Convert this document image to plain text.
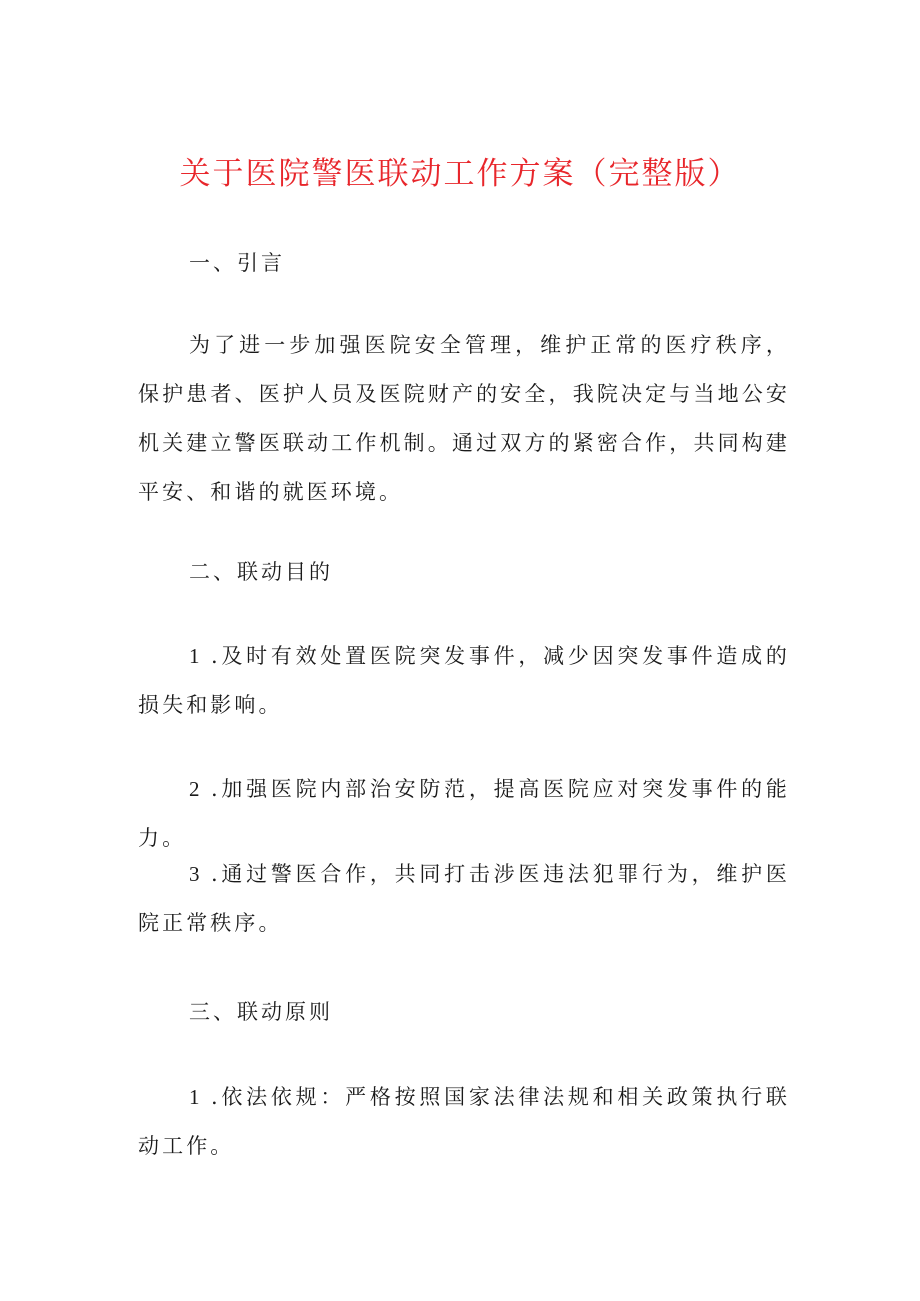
关于医院警医联动工作方案（完整版）
一、引言
为了进一步加强医院安全管理，维护正常的医疗秩序，保护患者、医护人员及医院财产的安全，我院决定与当地公安机关建立警医联动工作机制。通过双方的紧密合作，共同构建平安、和谐的就医环境。
二、联动目的
1 .及时有效处置医院突发事件，减少因突发事件造成的损失和影响。
2 .加强医院内部治安防范，提高医院应对突发事件的能力。
3 .通过警医合作，共同打击涉医违法犯罪行为，维护医院正常秩序。
三、联动原则
1 .依法依规：严格按照国家法律法规和相关政策执行联动工作。
